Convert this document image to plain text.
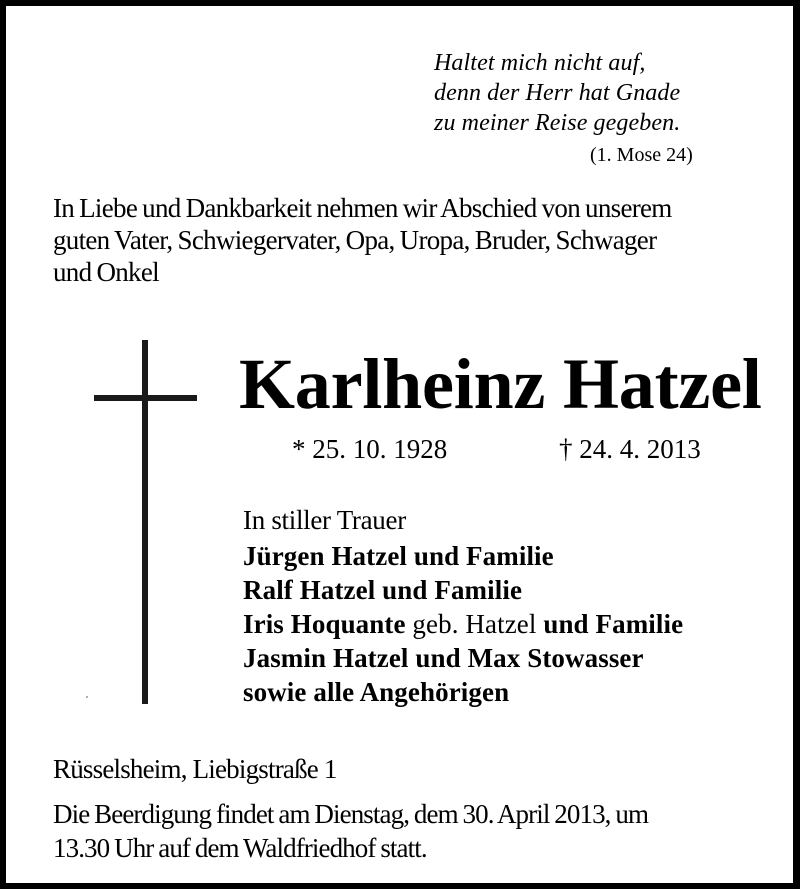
Haltet mich nicht auf,
denn der Herr hat Gnade
zu meiner Reise gegeben.
(1. Mose 24)
In Liebe und Dankbarkeit nehmen wir Abschied von unserem
guten Vater, Schwiegervater, Opa, Uropa, Bruder, Schwager
und Onkel
Karlheinz Hatzel
* 25. 10. 1928	† 24. 4. 2013
In stiller Trauer
Jürgen Hatzel und Familie
Ralf Hatzel und Familie
Iris Hoquante geb. Hatzel und Familie
Jasmin Hatzel und Max Stowasser
sowie alle Angehörigen
Rüsselsheim, Liebigstraße 1
Die Beerdigung findet am Dienstag, dem 30. April 2013, um
13.30 Uhr auf dem Waldfriedhof statt.
